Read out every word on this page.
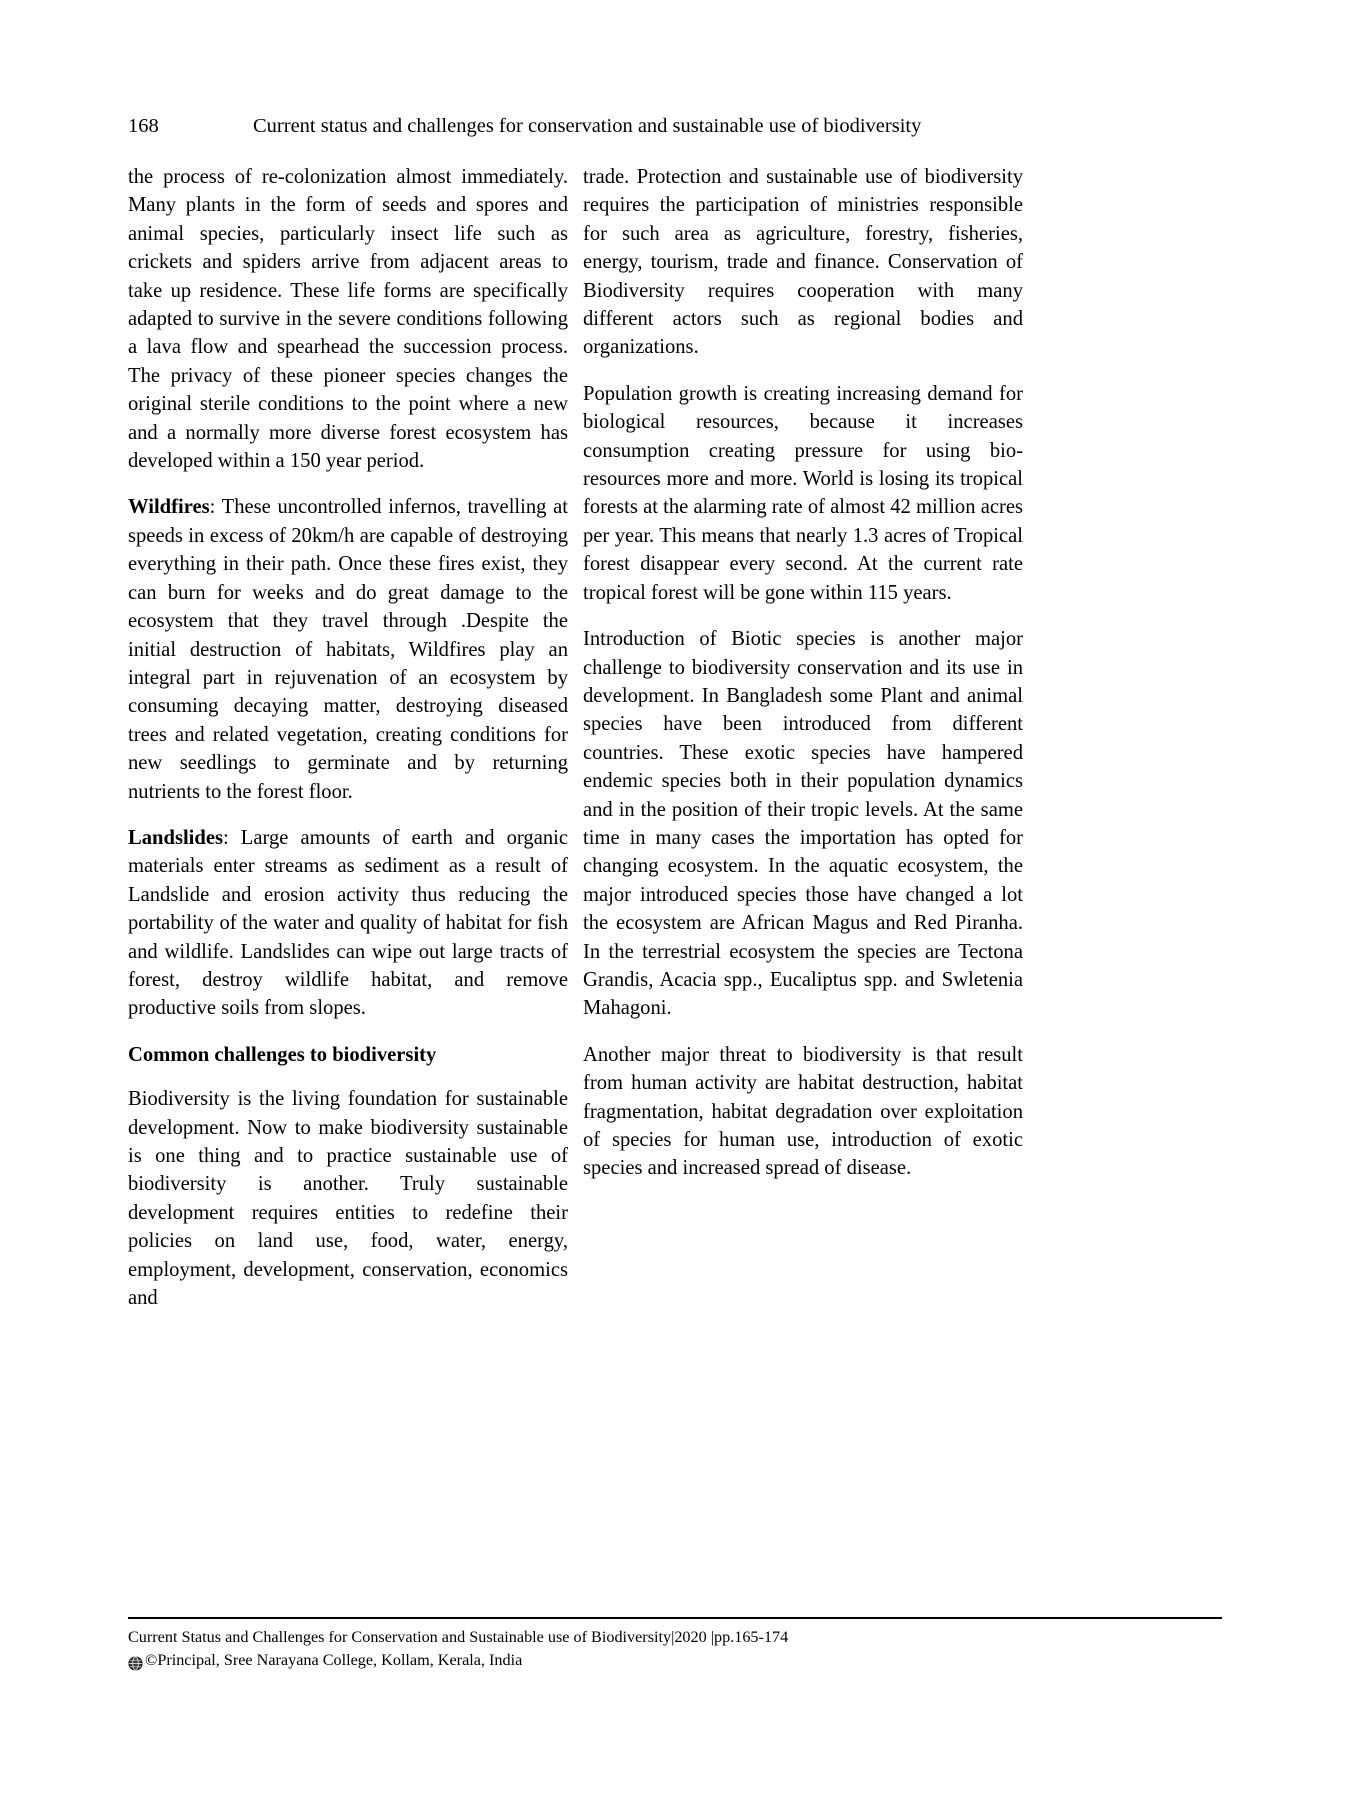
168	Current status and challenges for conservation and sustainable use of biodiversity

the process of re-colonization almost immediately. Many plants in the form of seeds and spores and animal species, particularly insect life such as crickets and spiders arrive from adjacent areas to take up residence. These life forms are specifically adapted to survive in the severe conditions following a lava flow and spearhead the succession process. The privacy of these pioneer species changes the original sterile conditions to the point where a new and a normally more diverse forest ecosystem has developed within a 150 year period.

Wildfires: These uncontrolled infernos, travelling at speeds in excess of 20km/h are capable of destroying everything in their path. Once these fires exist, they can burn for weeks and do great damage to the ecosystem that they travel through .Despite the initial destruction of habitats, Wildfires play an integral part in rejuvenation of an ecosystem by consuming decaying matter, destroying diseased trees and related vegetation, creating conditions for new seedlings to germinate and by returning nutrients to the forest floor.

Landslides: Large amounts of earth and organic materials enter streams as sediment as a result of Landslide and erosion activity thus reducing the portability of the water and quality of habitat for fish and wildlife. Landslides can wipe out large tracts of forest, destroy wildlife habitat, and remove productive soils from slopes.

Common challenges to biodiversity

Biodiversity is the living foundation for sustainable development. Now to make biodiversity sustainable is one thing and to practice sustainable use of biodiversity is another. Truly sustainable development requires entities to redefine their policies on land use, food, water, energy, employment, development, conservation, economics and

trade. Protection and sustainable use of biodiversity requires the participation of ministries responsible for such area as agriculture, forestry, fisheries, energy, tourism, trade and finance. Conservation of Biodiversity requires cooperation with many different actors such as regional bodies and organizations.

Population growth is creating increasing demand for biological resources, because it increases consumption creating pressure for using bio-resources more and more. World is losing its tropical forests at the alarming rate of almost 42 million acres per year. This means that nearly 1.3 acres of Tropical forest disappear every second. At the current rate tropical forest will be gone within 115 years.

Introduction of Biotic species is another major challenge to biodiversity conservation and its use in development. In Bangladesh some Plant and animal species have been introduced from different countries. These exotic species have hampered endemic species both in their population dynamics and in the position of their tropic levels. At the same time in many cases the importation has opted for changing ecosystem. In the aquatic ecosystem, the major introduced species those have changed a lot the ecosystem are African Magus and Red Piranha. In the terrestrial ecosystem the species are Tectona Grandis, Acacia spp., Eucaliptus spp. and Swletenia Mahagoni.

Another major threat to biodiversity is that result from human activity are habitat destruction, habitat fragmentation, habitat degradation over exploitation of species for human use, introduction of exotic species and increased spread of disease.

Current Status and Challenges for Conservation and Sustainable use of Biodiversity|2020 |pp.165-174
© Principal, Sree Narayana College, Kollam, Kerala, India
